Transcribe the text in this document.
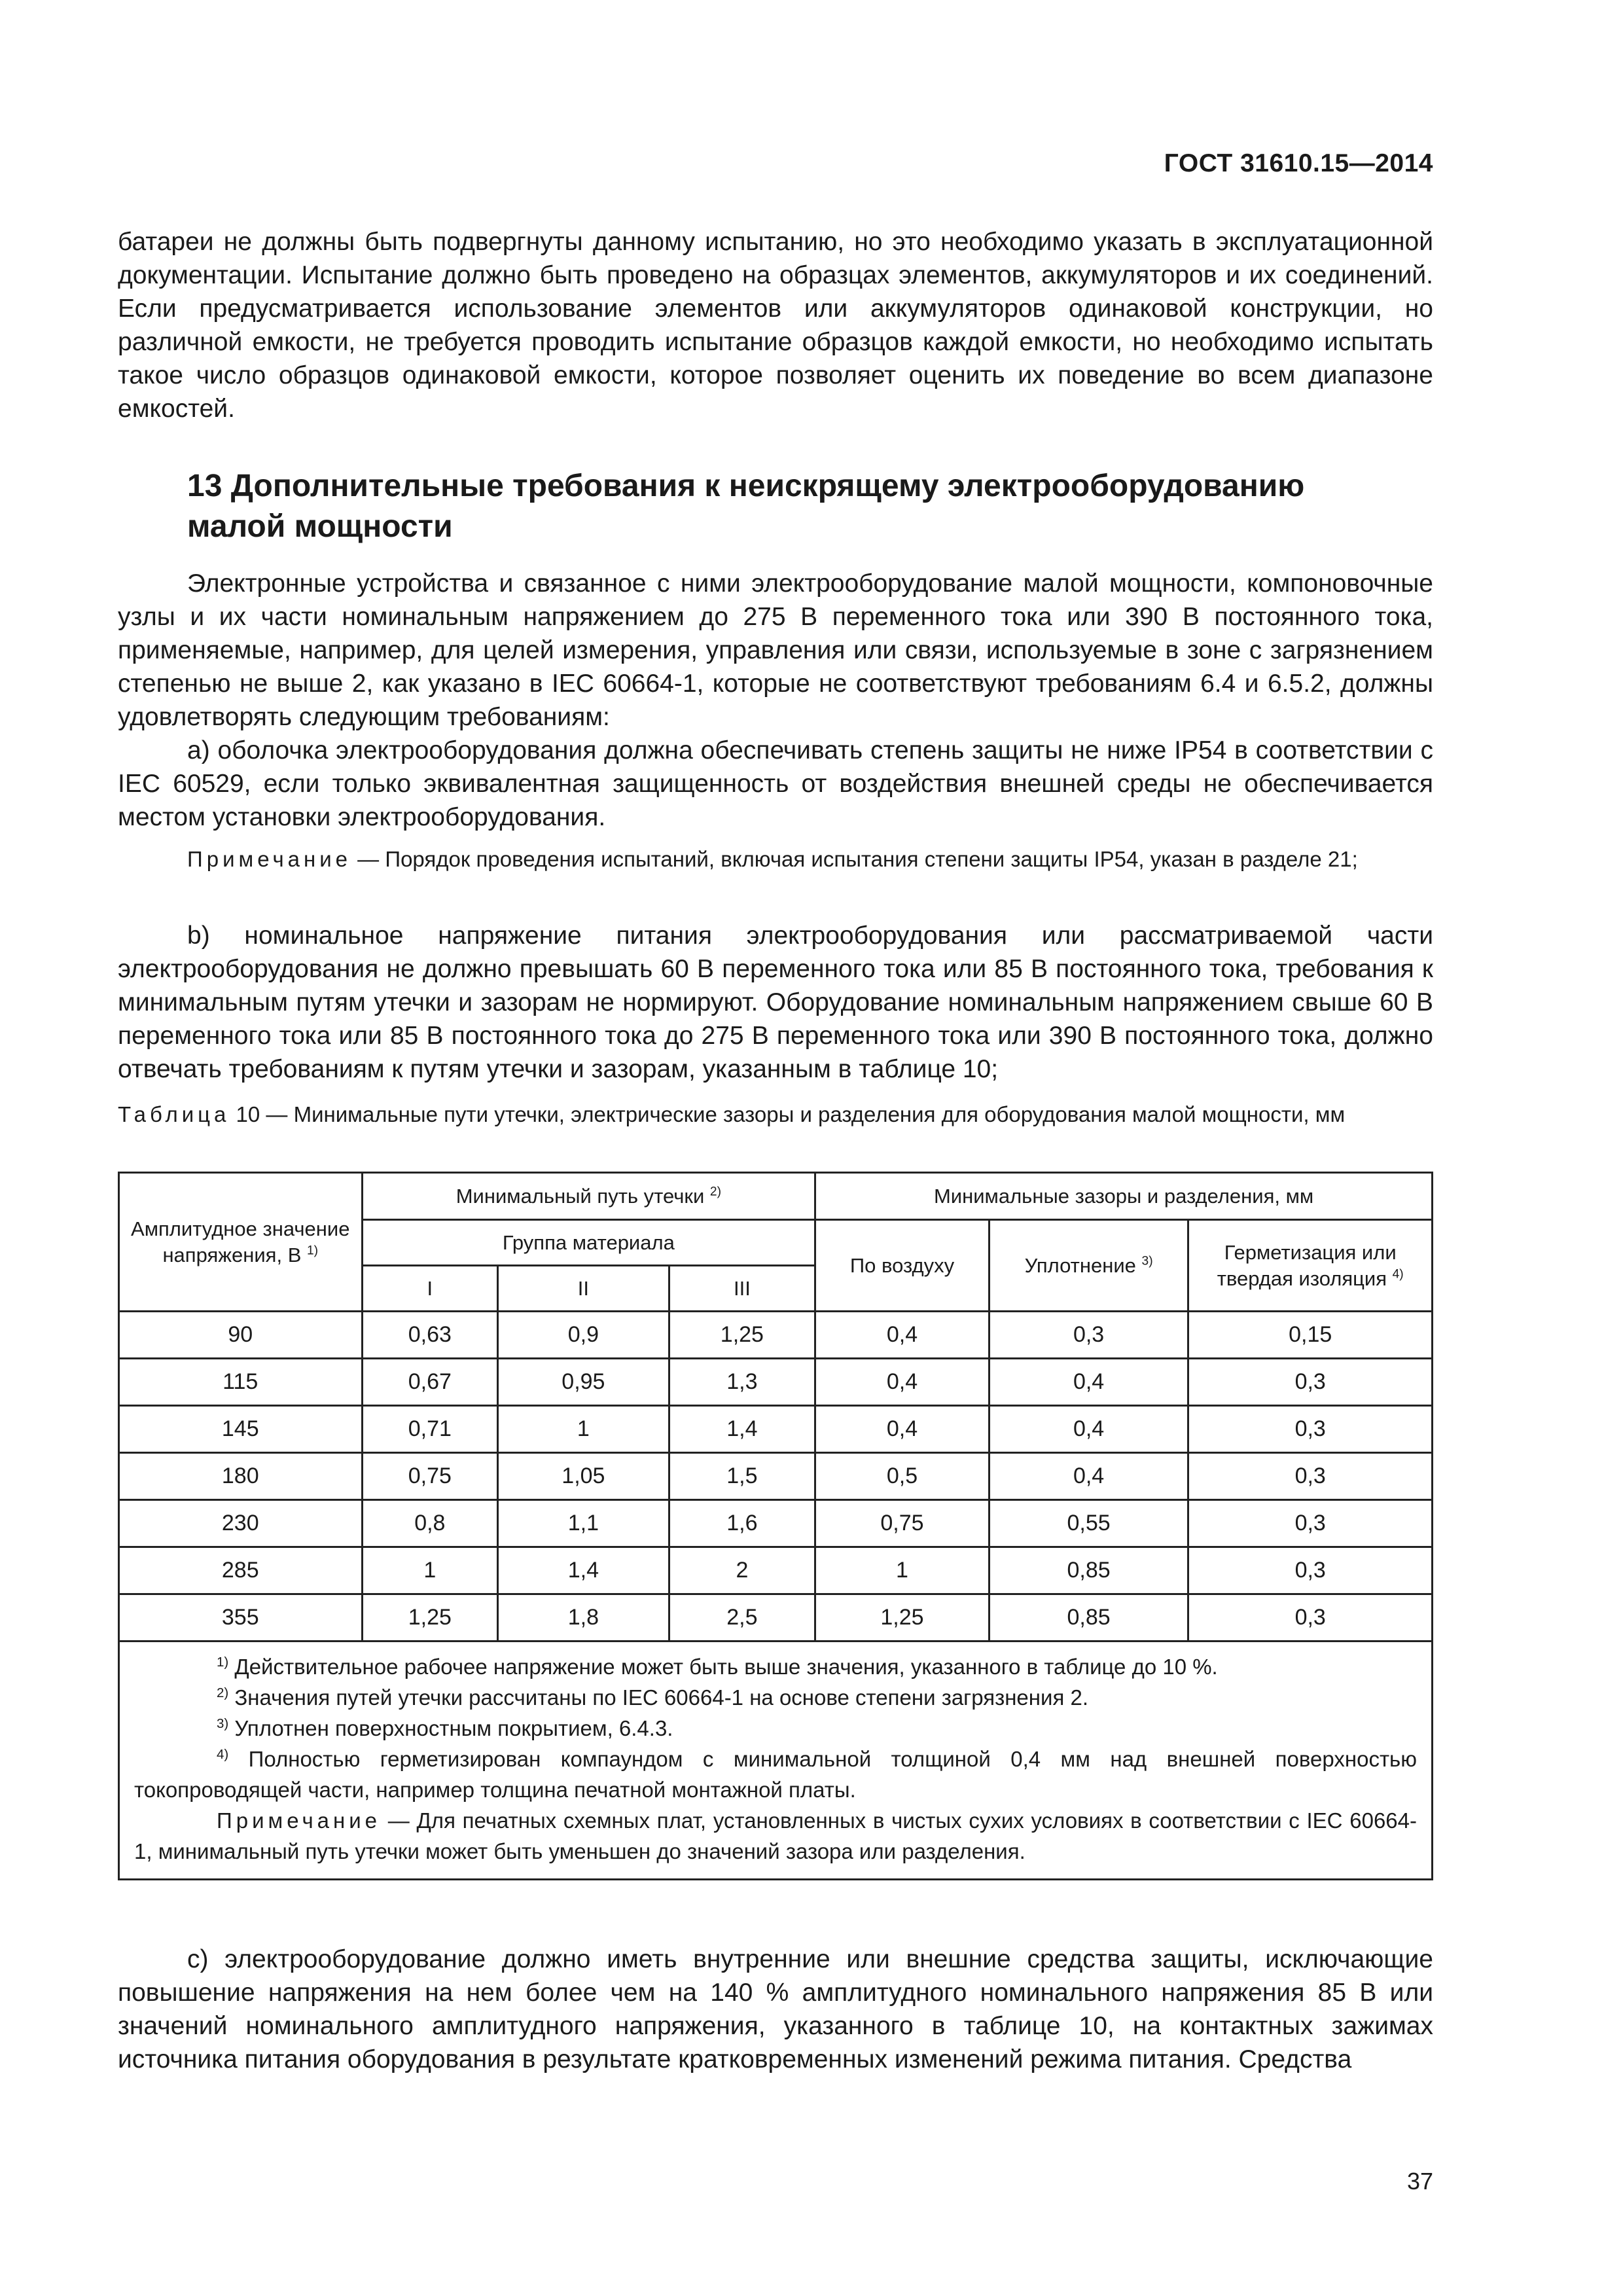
ГОСТ 31610.15—2014

батареи не должны быть подвергнуты данному испытанию, но это необходимо указать в эксплуатационной документации. Испытание должно быть проведено на образцах элементов, аккумуляторов и их соединений. Если предусматривается использование элементов или аккумуляторов одинаковой конструкции, но различной емкости, не требуется проводить испытание образцов каждой емкости, но необходимо испытать такое число образцов одинаковой емкости, которое позволяет оценить их поведение во всем диапазоне емкостей.

13 Дополнительные требования к неискрящему электрооборудованию
малой мощности

Электронные устройства и связанное с ними электрооборудование малой мощности, компоновочные узлы и их части номинальным напряжением до 275 В переменного тока или 390 В постоянного тока, применяемые, например, для целей измерения, управления или связи, используемые в зоне с загрязнением степенью не выше 2, как указано в IEC 60664-1, которые не соответствуют требованиям 6.4 и 6.5.2, должны удовлетворять следующим требованиям:

a) оболочка электрооборудования должна обеспечивать степень защиты не ниже IP54 в соответствии с IEC 60529, если только эквивалентная защищенность от воздействия внешней среды не обеспечивается местом установки электрооборудования.

Примечание — Порядок проведения испытаний, включая испытания степени защиты IP54, указан в разделе 21;

b) номинальное напряжение питания электрооборудования или рассматриваемой части электрооборудования не должно превышать 60 В переменного тока или 85 В постоянного тока, требования к минимальным путям утечки и зазорам не нормируют. Оборудование номинальным напряжением свыше 60 В переменного тока или 85 В постоянного тока до 275 В переменного тока или 390 В постоянного тока, должно отвечать требованиям к путям утечки и зазорам, указанным в таблице 10;

Таблица 10 — Минимальные пути утечки, электрические зазоры и разделения для оборудования малой мощности, мм
Амплитудное значение напряжения, В $^{1)}$	Минимальный путь утечки $^{2)}$			Минимальные зазоры и разделения, мм		
	Группа материала			По воздуху	Уплотнение $^{3)}$	Герметизация или твердая изоляция $^{4)}$
	I	II	III			
90	0,63	0,9	1,25	0,4	0,3	0,15
115	0,67	0,95	1,3	0,4	0,4	0,3
145	0,71	1	1,4	0,4	0,4	0,3
180	0,75	1,05	1,5	0,5	0,4	0,3
230	0,8	1,1	1,6	0,75	0,55	0,3
285	1	1,4	2	1	0,85	0,3
355	1,25	1,8	2,5	1,25	0,85	0,3

$^{1)}$ Действительное рабочее напряжение может быть выше значения, указанного в таблице до 10 %.

$^{2)}$ Значения путей утечки рассчитаны по IEC 60664-1 на основе степени загрязнения 2.

$^{3)}$ Уплотнен поверхностным покрытием, 6.4.3.

$^{4)}$ Полностью герметизирован компаундом с минимальной толщиной 0,4 мм над внешней поверхностью токопроводящей части, например толщина печатной монтажной платы.

Примечание — Для печатных схемных плат, установленных в чистых сухих условиях в соответствии с IEC 60664-1, минимальный путь утечки может быть уменьшен до значений зазора или разделения.						

c) электрооборудование должно иметь внутренние или внешние средства защиты, исключающие повышение напряжения на нем более чем на 140 % амплитудного номинального напряжения 85 В или значений номинального амплитудного напряжения, указанного в таблице 10, на контактных зажимах источника питания оборудования в результате кратковременных изменений режима питания. Средства

37
